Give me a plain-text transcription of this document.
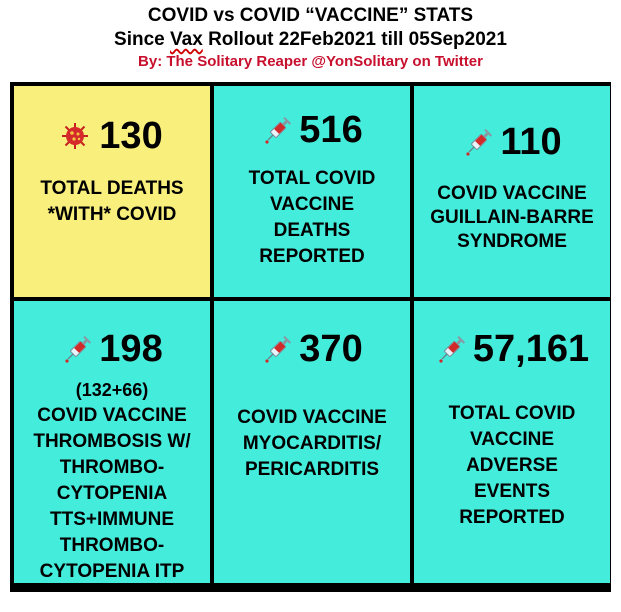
COVID vs COVID “VACCINE” STATS
Since Vax Rollout 22Feb2021 till 05Sep2021
By: The Solitary Reaper @YonSolitary on Twitter
130
TOTAL DEATHS
*WITH* COVID
516
TOTAL COVID
VACCINE
DEATHS
REPORTED
110
COVID VACCINE
GUILLAIN-BARRE
SYNDROME
198
(132+66)
COVID VACCINE
THROMBOSIS W/
THROMBO-
CYTOPENIA
TTS+IMMUNE
THROMBO-
CYTOPENIA ITP
370
COVID VACCINE
MYOCARDITIS/
PERICARDITIS
57,161
TOTAL COVID
VACCINE
ADVERSE
EVENTS
REPORTED
